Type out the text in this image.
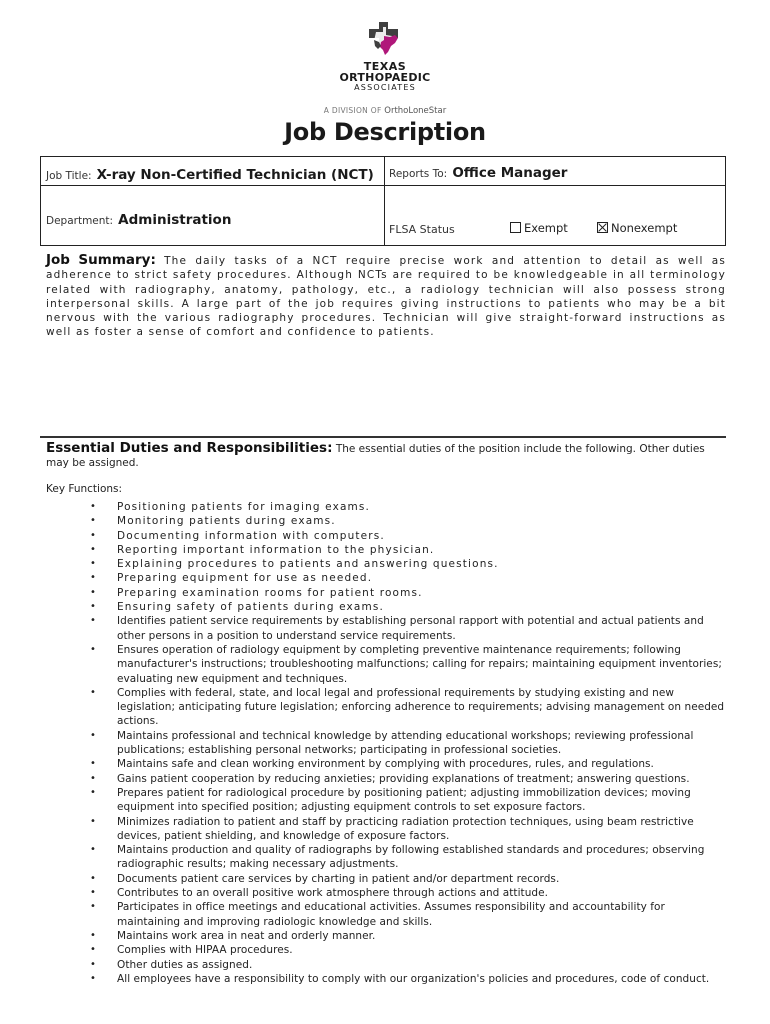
TEXAS
ORTHOPAEDIC
ASSOCIATES
A DIVISION OF OrthoLoneStar
Job Description
Job Title: X-ray Non-Certified Technician (NCT) Reports To: Office Manager
Department: Administration
FLSA Status	Exempt	Nonexempt
Job Summary: The daily tasks of a NCT require precise work and attention to detail as well as adherence to strict safety procedures. Although NCTs are required to be knowledgeable in all terminology related with radiography, anatomy, pathology, etc., a radiology technician will also possess strong interpersonal skills. A large part of the job requires giving instructions to patients who may be a bit nervous with the various radiography procedures. Technician will give straight-forward instructions as well as foster a sense of comfort and confidence to patients.
Essential Duties and Responsibilities: The essential duties of the position include the following. Other duties may be assigned.
Key Functions:
• Positioning patients for imaging exams.
• Monitoring patients during exams.
• Documenting information with computers.
• Reporting important information to the physician.
• Explaining procedures to patients and answering questions.
• Preparing equipment for use as needed.
• Preparing examination rooms for patient rooms.
• Ensuring safety of patients during exams.
• Identifies patient service requirements by establishing personal rapport with potential and actual patients and other persons in a position to understand service requirements.
• Ensures operation of radiology equipment by completing preventive maintenance requirements; following manufacturer's instructions; troubleshooting malfunctions; calling for repairs; maintaining equipment inventories; evaluating new equipment and techniques.
• Complies with federal, state, and local legal and professional requirements by studying existing and new legislation; anticipating future legislation; enforcing adherence to requirements; advising management on needed actions.
• Maintains professional and technical knowledge by attending educational workshops; reviewing professional publications; establishing personal networks; participating in professional societies.
• Maintains safe and clean working environment by complying with procedures, rules, and regulations.
• Gains patient cooperation by reducing anxieties; providing explanations of treatment; answering questions.
• Prepares patient for radiological procedure by positioning patient; adjusting immobilization devices; moving equipment into specified position; adjusting equipment controls to set exposure factors.
• Minimizes radiation to patient and staff by practicing radiation protection techniques, using beam restrictive devices, patient shielding, and knowledge of exposure factors.
• Maintains production and quality of radiographs by following established standards and procedures; observing radiographic results; making necessary adjustments.
• Documents patient care services by charting in patient and/or department records.
• Contributes to an overall positive work atmosphere through actions and attitude.
• Participates in office meetings and educational activities. Assumes responsibility and accountability for maintaining and improving radiologic knowledge and skills.
• Maintains work area in neat and orderly manner.
• Complies with HIPAA procedures.
• Other duties as assigned.
• All employees have a responsibility to comply with our organization's policies and procedures, code of conduct.
